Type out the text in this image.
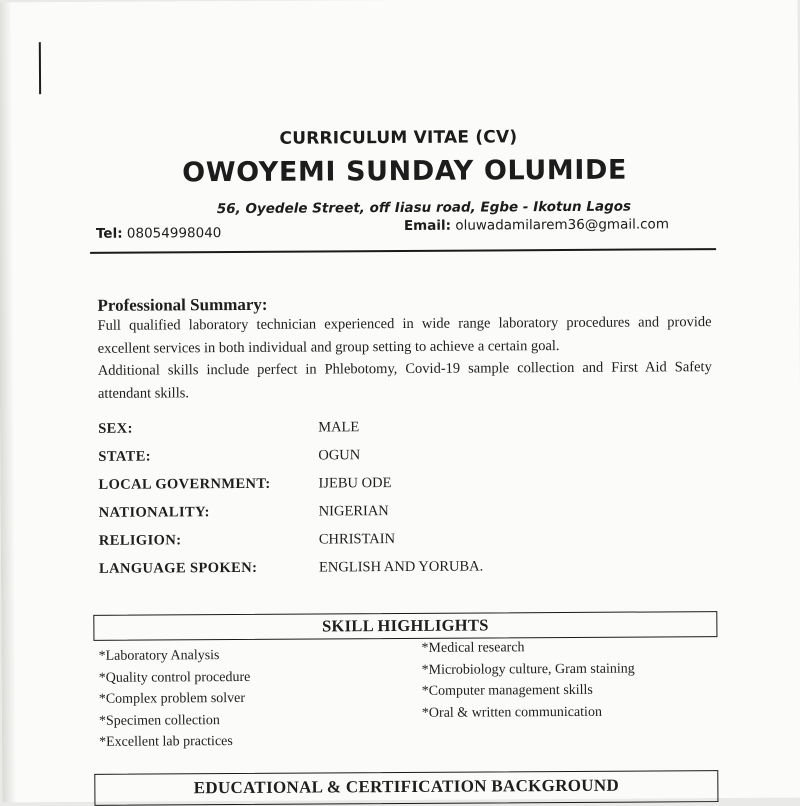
CURRICULUM VITAE (CV)
OWOYEMI SUNDAY OLUMIDE
56, Oyedele Street, off Iiasu road, Egbe - Ikotun Lagos
Tel: 08054998040	Email: oluwadamilarem36@gmail.com
Professional Summary:
Full qualified laboratory technician experienced in wide range laboratory procedures and provide excellent services in both individual and group setting to achieve a certain goal.
Additional skills include perfect in Phlebotomy, Covid-19 sample collection and First Aid Safety attendant skills.
SEX:	MALE
STATE:	OGUN
LOCAL GOVERNMENT:	IJEBU ODE
NATIONALITY:	NIGERIAN
RELIGION:	CHRISTAIN
LANGUAGE SPOKEN:	ENGLISH AND YORUBA.
SKILL HIGHLIGHTS
*Laboratory Analysis
*Quality control procedure
*Complex problem solver
*Specimen collection
*Excellent lab practices
*Medical research
*Microbiology culture, Gram staining
*Computer management skills
*Oral & written communication
EDUCATIONAL & CERTIFICATION BACKGROUND
